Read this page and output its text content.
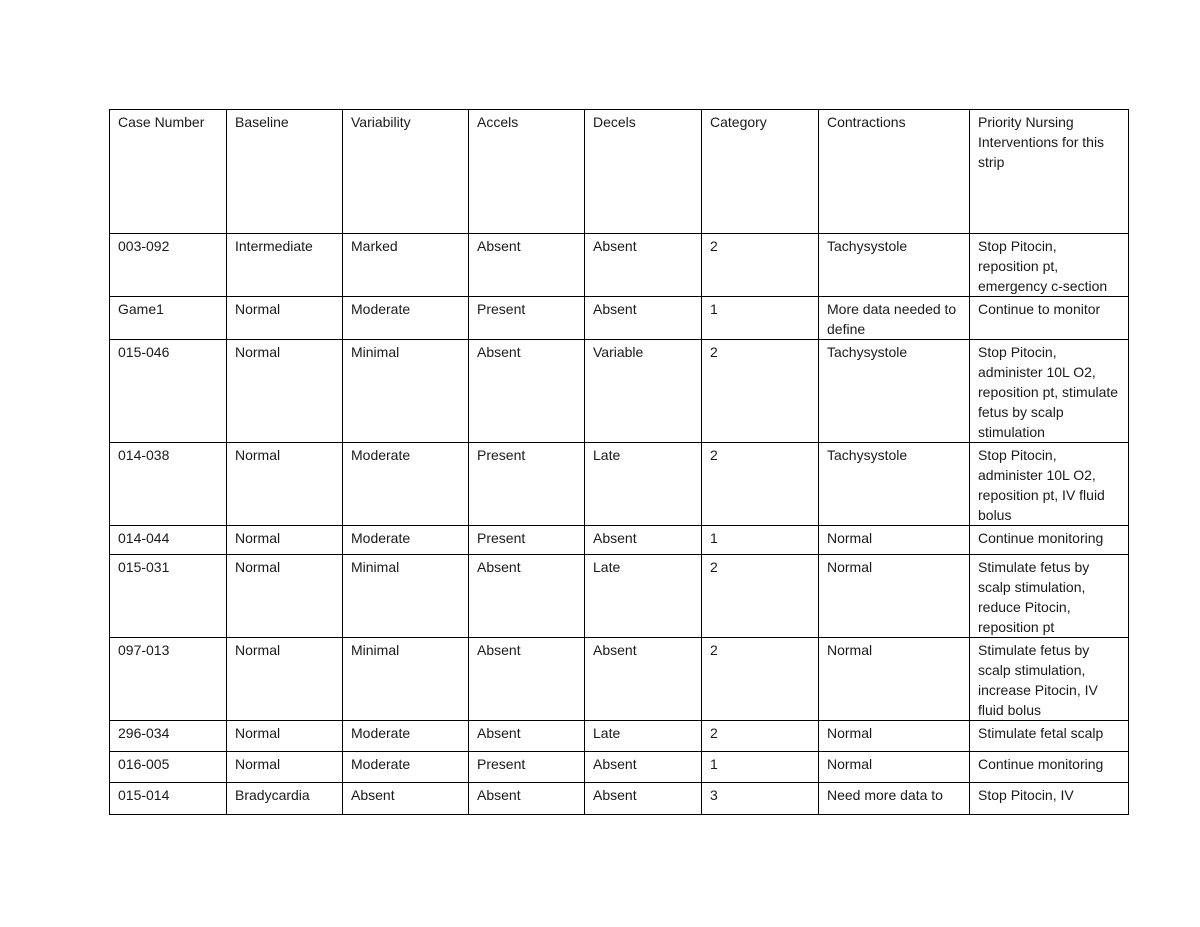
Case Number	Baseline	Variability	Accels	Decels	Category	Contractions	Priority Nursing Interventions for this strip
003-092	Intermediate	Marked	Absent	Absent	2	Tachysystole	Stop Pitocin, reposition pt, emergency c-section
Game1	Normal	Moderate	Present	Absent	1	More data needed to define	Continue to monitor
015-046	Normal	Minimal	Absent	Variable	2	Tachysystole	Stop Pitocin, administer 10L O2, reposition pt, stimulate fetus by scalp stimulation
014-038	Normal	Moderate	Present	Late	2	Tachysystole	Stop Pitocin, administer 10L O2, reposition pt, IV fluid bolus
014-044	Normal	Moderate	Present	Absent	1	Normal	Continue monitoring
015-031	Normal	Minimal	Absent	Late	2	Normal	Stimulate fetus by scalp stimulation, reduce Pitocin, reposition pt
097-013	Normal	Minimal	Absent	Absent	2	Normal	Stimulate fetus by scalp stimulation, increase Pitocin, IV fluid bolus
296-034	Normal	Moderate	Absent	Late	2	Normal	Stimulate fetal scalp
016-005	Normal	Moderate	Present	Absent	1	Normal	Continue monitoring
015-014	Bradycardia	Absent	Absent	Absent	3	Need more data to	Stop Pitocin, IV
